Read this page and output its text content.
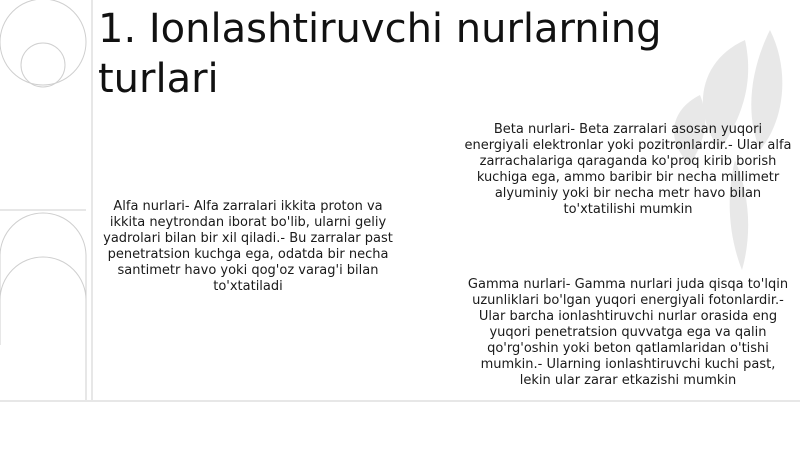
1. Ionlashtiruvchi nurlarning turlari

Alfa nurlari- Alfa zarralari ikkita proton va ikkita neytrondan iborat bo'lib, ularni geliy yadrolari bilan bir xil qiladi.- Bu zarralar past penetratsion kuchga ega, odatda bir necha santimetr havo yoki qog'oz varag'i bilan to'xtatiladi

Beta nurlari- Beta zarralari asosan yuqori energiyali elektronlar yoki pozitronlardir.- Ular alfa zarrachalariga qaraganda ko'proq kirib borish kuchiga ega, ammo baribir bir necha millimetr alyuminiy yoki bir necha metr havo bilan to'xtatilishi mumkin

Gamma nurlari- Gamma nurlari juda qisqa to'lqin uzunliklari bo'lgan yuqori energiyali fotonlardir.- Ular barcha ionlashtiruvchi nurlar orasida eng yuqori penetratsion quvvatga ega va qalin qo'rg'oshin yoki beton qatlamlaridan o'tishi mumkin.- Ularning ionlashtiruvchi kuchi past, lekin ular zarar etkazishi mumkin
